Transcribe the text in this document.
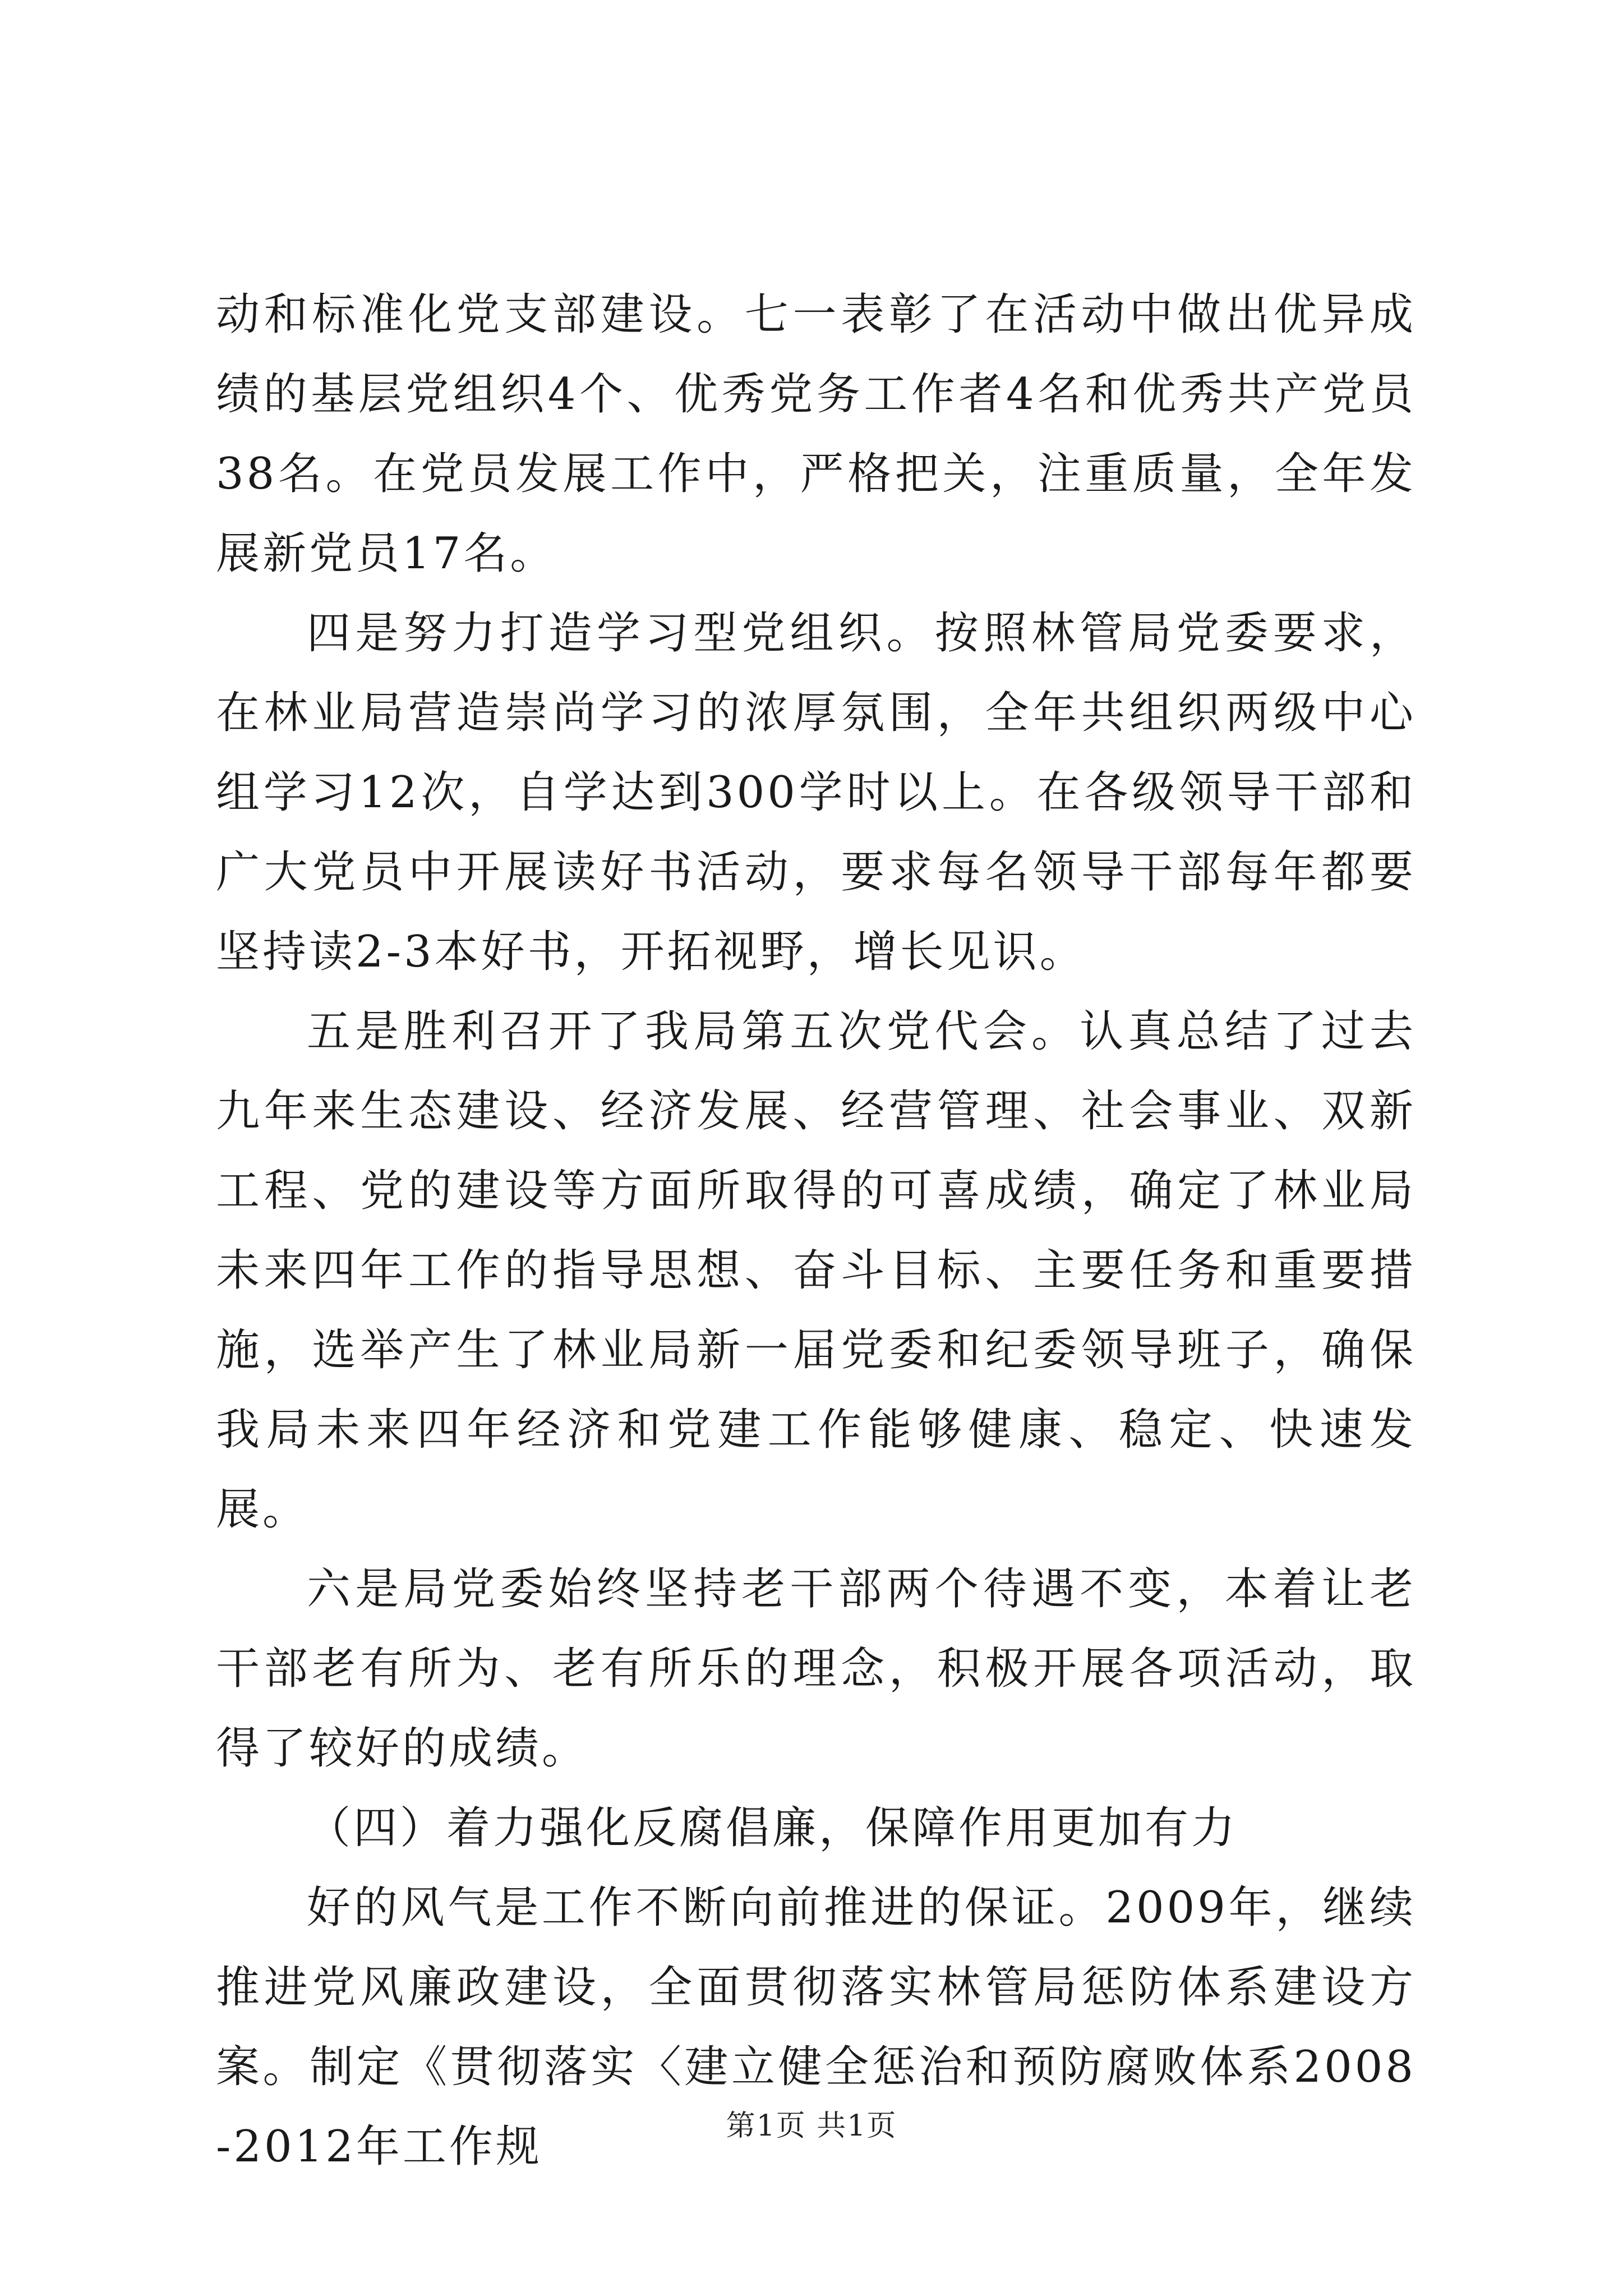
动和标准化党支部建设。七一表彰了在活动中做出优异成绩的基层党组织4个、优秀党务工作者4名和优秀共产党员38名。在党员发展工作中，严格把关，注重质量，全年发展新党员17名。

四是努力打造学习型党组织。按照林管局党委要求，在林业局营造崇尚学习的浓厚氛围，全年共组织两级中心组学习12次，自学达到300学时以上。在各级领导干部和广大党员中开展读好书活动，要求每名领导干部每年都要坚持读2-3本好书，开拓视野，增长见识。

五是胜利召开了我局第五次党代会。认真总结了过去九年来生态建设、经济发展、经营管理、社会事业、双新工程、党的建设等方面所取得的可喜成绩，确定了林业局未来四年工作的指导思想、奋斗目标、主要任务和重要措施，选举产生了林业局新一届党委和纪委领导班子，确保我局未来四年经济和党建工作能够健康、稳定、快速发展。

六是局党委始终坚持老干部两个待遇不变，本着让老干部老有所为、老有所乐的理念，积极开展各项活动，取得了较好的成绩。

（四）着力强化反腐倡廉，保障作用更加有力

好的风气是工作不断向前推进的保证。2009年，继续推进党风廉政建设，全面贯彻落实林管局惩防体系建设方案。制定《贯彻落实〈建立健全惩治和预防腐败体系2008-2012年工作规	第1页 共1页
